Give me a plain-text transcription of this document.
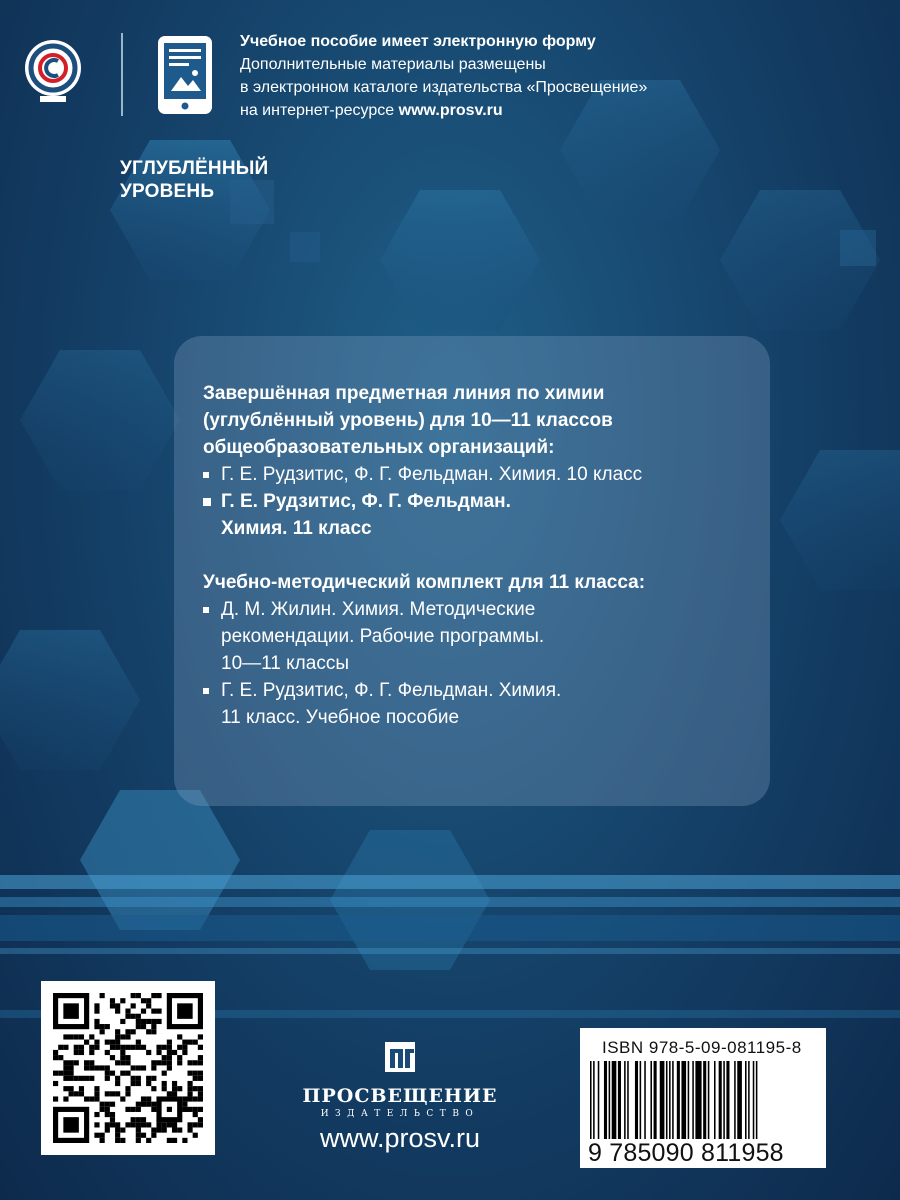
Учебное пособие имеет электронную форму
Дополнительные материалы размещены
в электронном каталоге издательства «Просвещение»
на интернет-ресурсе www.prosv.ru
УГЛУБЛЁННЫЙ
УРОВЕНЬ
Завершённая предметная линия по химии
(углублённый уровень) для 10—11 классов
общеобразовательных организаций:
Г. Е. Рудзитис, Ф. Г. Фельдман. Химия. 10 класс
Г. Е. Рудзитис, Ф. Г. Фельдман.
Химия. 11 класс
Учебно-методический комплект для 11 класса:
Д. М. Жилин. Химия. Методические
рекомендации. Рабочие программы.
10—11 классы
Г. Е. Рудзитис, Ф. Г. Фельдман. Химия.
11 класс. Учебное пособие
ПРОСВЕЩЕНИЕ
ИЗДАТЕЛЬСТВО
www.prosv.ru
ISBN 978-5-09-081195-8
9 785090 811958
